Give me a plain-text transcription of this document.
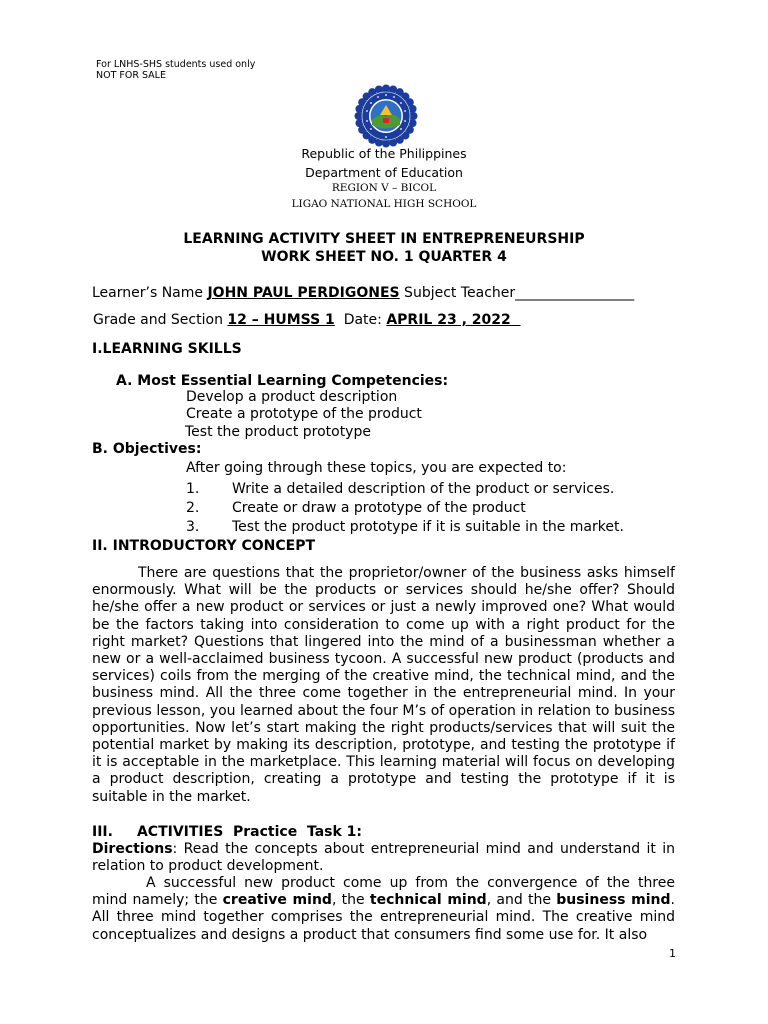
For LNHS-SHS students used only
NOT FOR SALE
Republic of the Philippines
Department of Education
REGION V – BICOL
LIGAO NATIONAL HIGH SCHOOL
LEARNING ACTIVITY SHEET IN ENTREPRENEURSHIP
WORK SHEET NO. 1 QUARTER 4
Learner’s Name JOHN PAUL PERDIGONES Subject Teacher_________________
Grade and Section 12 – HUMSS 1  Date: APRIL 23 , 2022
I.LEARNING SKILLS
A. Most Essential Learning Competencies:
Develop a product description
Create a prototype of the product
Test the product prototype
B. Objectives:
After going through these topics, you are expected to:
1. Write a detailed description of the product or services.
2. Create or draw a prototype of the product
3. Test the product prototype if it is suitable in the market.
II. INTRODUCTORY CONCEPT
There are questions that the proprietor/owner of the business asks himself enormously. What will be the products or services should he/she offer? Should he/she offer a new product or services or just a newly improved one? What would be the factors taking into consideration to come up with a right product for the right market? Questions that lingered into the mind of a businessman whether a new or a well-acclaimed business tycoon. A successful new product (products and services) coils from the merging of the creative mind, the technical mind, and the business mind. All the three come together in the entrepreneurial mind. In your previous lesson, you learned about the four M’s of operation in relation to business opportunities. Now let’s start making the right products/services that will suit the potential market by making its description, prototype, and testing the prototype if it is acceptable in the marketplace. This learning material will focus on developing a product description, creating a prototype and testing the prototype if it is suitable in the market.
III. ACTIVITIES  Practice  Task 1:
Directions: Read the concepts about entrepreneurial mind and understand it in relation to product development.
A successful new product come up from the convergence of the three mind namely; the creative mind, the technical mind, and the business mind. All three mind together comprises the entrepreneurial mind. The creative mind conceptualizes and designs a product that consumers find some use for. It also
1
